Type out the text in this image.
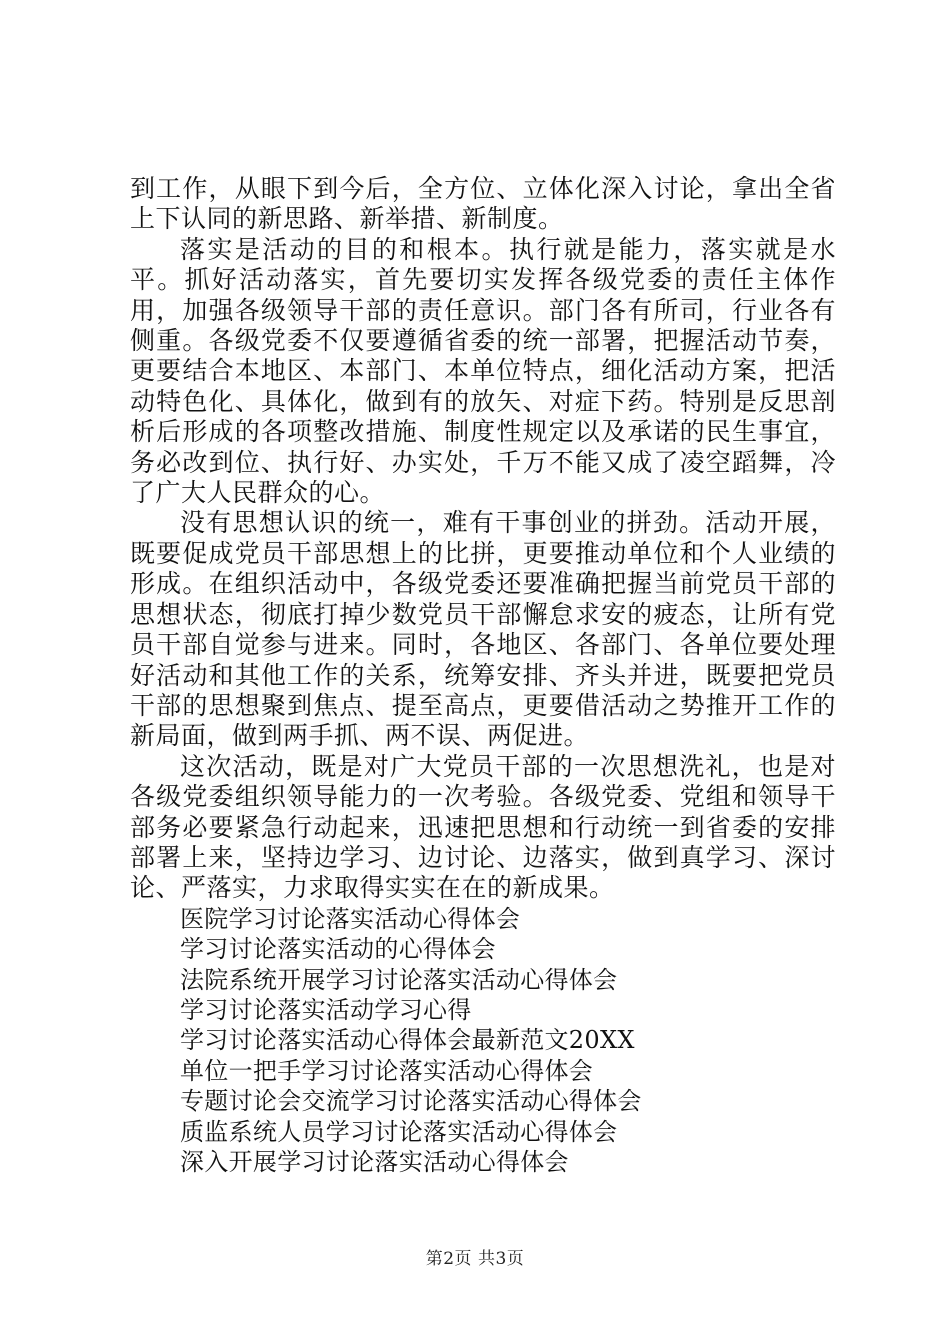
到工作，从眼下到今后，全方位、立体化深入讨论，拿出全省上下认同的新思路、新举措、新制度。

落实是活动的目的和根本。执行就是能力，落实就是水平。抓好活动落实，首先要切实发挥各级党委的责任主体作用，加强各级领导干部的责任意识。部门各有所司，行业各有侧重。各级党委不仅要遵循省委的统一部署，把握活动节奏，更要结合本地区、本部门、本单位特点，细化活动方案，把活动特色化、具体化，做到有的放矢、对症下药。特别是反思剖析后形成的各项整改措施、制度性规定以及承诺的民生事宜，务必改到位、执行好、办实处，千万不能又成了凌空蹈舞，冷了广大人民群众的心。

没有思想认识的统一，难有干事创业的拼劲。活动开展，既要促成党员干部思想上的比拼，更要推动单位和个人业绩的形成。在组织活动中，各级党委还要准确把握当前党员干部的思想状态，彻底打掉少数党员干部懈怠求安的疲态，让所有党员干部自觉参与进来。同时，各地区、各部门、各单位要处理好活动和其他工作的关系，统筹安排、齐头并进，既要把党员干部的思想聚到焦点、提至高点，更要借活动之势推开工作的新局面，做到两手抓、两不误、两促进。

这次活动，既是对广大党员干部的一次思想洗礼，也是对各级党委组织领导能力的一次考验。各级党委、党组和领导干部务必要紧急行动起来，迅速把思想和行动统一到省委的安排部署上来，坚持边学习、边讨论、边落实，做到真学习、深讨论、严落实，力求取得实实在在的新成果。

医院学习讨论落实活动心得体会
学习讨论落实活动的心得体会
法院系统开展学习讨论落实活动心得体会
学习讨论落实活动学习心得
学习讨论落实活动心得体会最新范文20XX
单位一把手学习讨论落实活动心得体会
专题讨论会交流学习讨论落实活动心得体会
质监系统人员学习讨论落实活动心得体会
深入开展学习讨论落实活动心得体会
第2页 共3页
